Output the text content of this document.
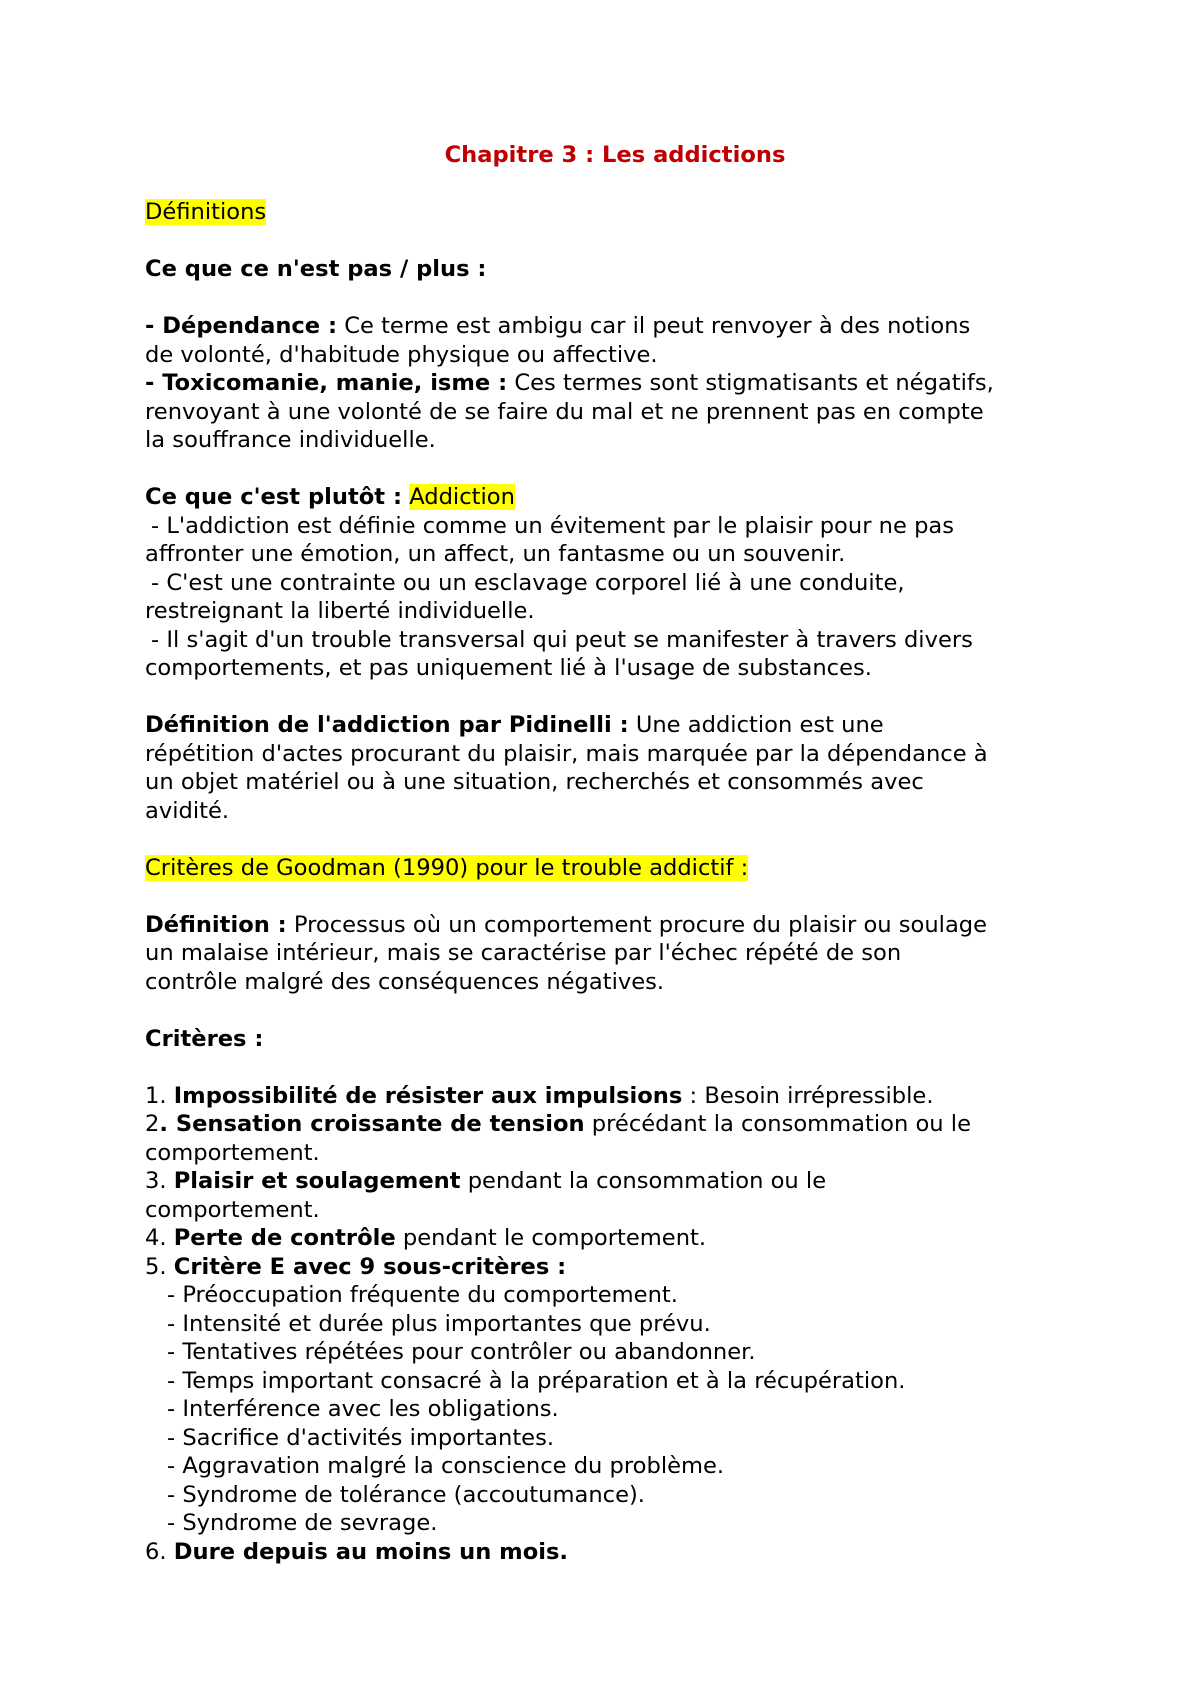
Chapitre 3 : Les addictions
Définitions
Ce que ce n'est pas / plus :
- Dépendance : Ce terme est ambigu car il peut renvoyer à des notions
de volonté, d'habitude physique ou affective.
- Toxicomanie, manie, isme : Ces termes sont stigmatisants et négatifs,
renvoyant à une volonté de se faire du mal et ne prennent pas en compte
la souffrance individuelle.
Ce que c'est plutôt : Addiction
- L'addiction est définie comme un évitement par le plaisir pour ne pas
affronter une émotion, un affect, un fantasme ou un souvenir.
- C'est une contrainte ou un esclavage corporel lié à une conduite,
restreignant la liberté individuelle.
- Il s'agit d'un trouble transversal qui peut se manifester à travers divers
comportements, et pas uniquement lié à l'usage de substances.
Définition de l'addiction par Pidinelli : Une addiction est une
répétition d'actes procurant du plaisir, mais marquée par la dépendance à
un objet matériel ou à une situation, recherchés et consommés avec
avidité.
Critères de Goodman (1990) pour le trouble addictif :
Définition : Processus où un comportement procure du plaisir ou soulage
un malaise intérieur, mais se caractérise par l'échec répété de son
contrôle malgré des conséquences négatives.
Critères :
1. Impossibilité de résister aux impulsions : Besoin irrépressible.
2. Sensation croissante de tension précédant la consommation ou le
comportement.
3. Plaisir et soulagement pendant la consommation ou le
comportement.
4. Perte de contrôle pendant le comportement.
5. Critère E avec 9 sous-critères :
- Préoccupation fréquente du comportement.
- Intensité et durée plus importantes que prévu.
- Tentatives répétées pour contrôler ou abandonner.
- Temps important consacré à la préparation et à la récupération.
- Interférence avec les obligations.
- Sacrifice d'activités importantes.
- Aggravation malgré la conscience du problème.
- Syndrome de tolérance (accoutumance).
- Syndrome de sevrage.
6. Dure depuis au moins un mois.
